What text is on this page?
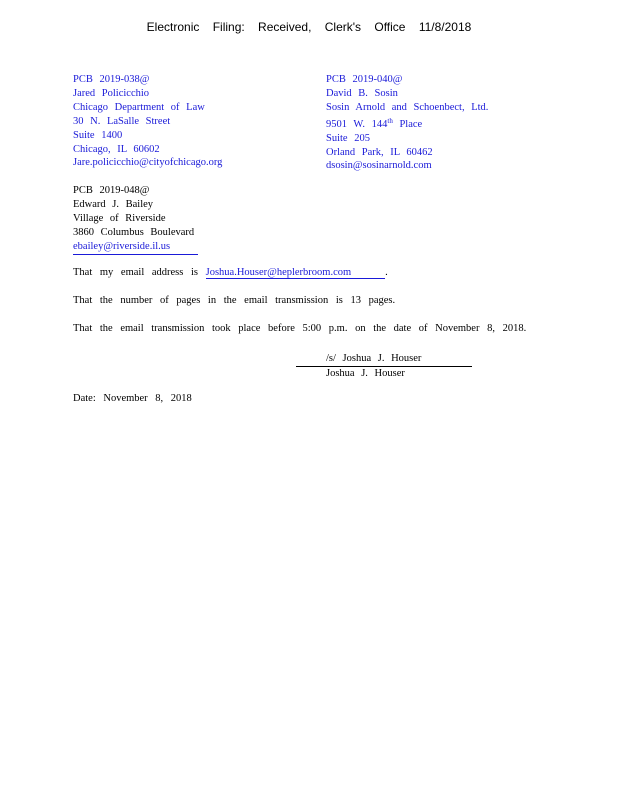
Electronic Filing: Received, Clerk's Office 11/8/2018
PCB 2019-038@
Jared Policicchio
Chicago Department of Law
30 N. LaSalle Street
Suite 1400
Chicago, IL 60602
Jare.policicchio@cityofchicago.org
PCB 2019-040@
David B. Sosin
Sosin Arnold and Schoenbect, Ltd.
9501 W. 144th Place
Suite 205
Orland Park, IL 60462
dsosin@sosinarnold.com
PCB 2019-048@
Edward J. Bailey
Village of Riverside
3860 Columbus Boulevard
ebailey@riverside.il.us
That my email address is Joshua.Houser@heplerbroom.com	.
That the number of pages in the email transmission is 13 pages.
That the email transmission took place before 5:00 p.m. on the date of November 8, 2018.
/s/ Joshua J. Houser
Joshua J. Houser
Date: November 8, 2018
